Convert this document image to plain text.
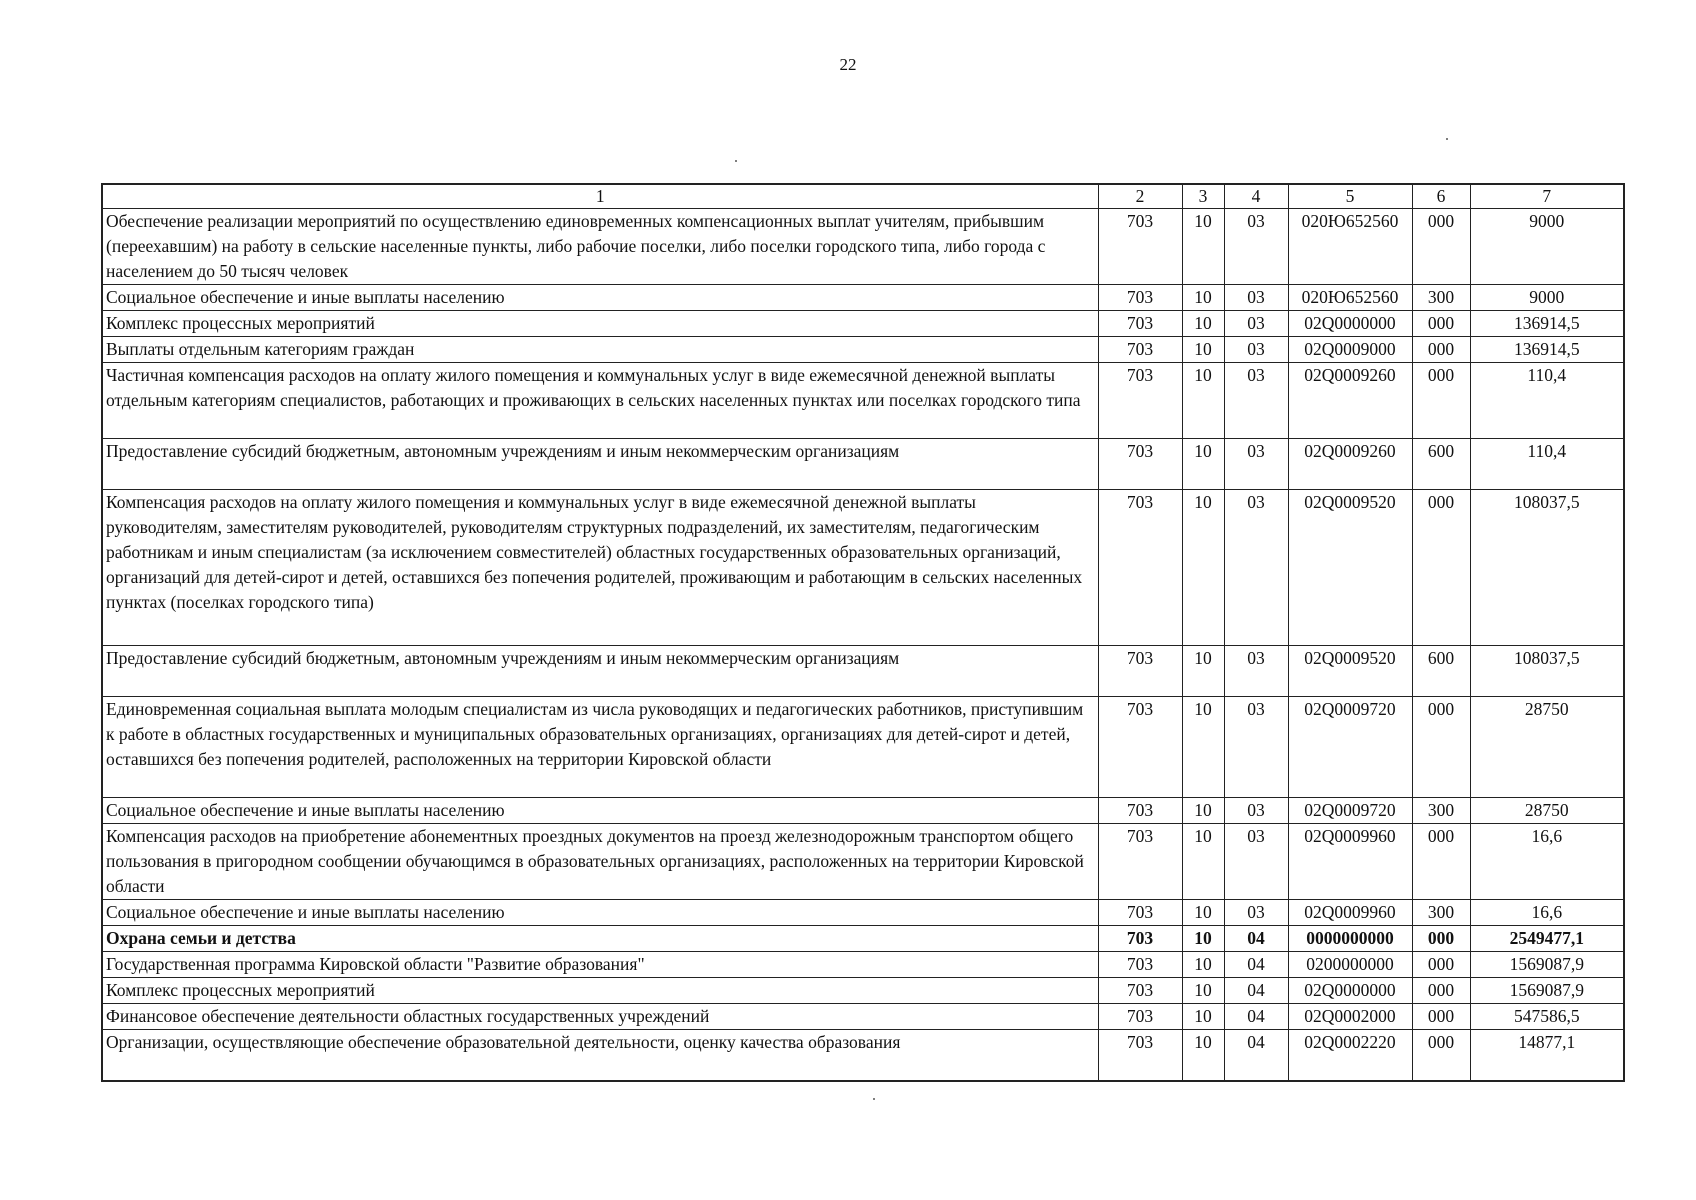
22
1	2	3	4	5	6	7
Обеспечение реализации мероприятий по осуществлению единовременных компенсационных выплат учителям, прибывшим (переехавшим) на работу в сельские населенные пункты, либо рабочие поселки, либо поселки городского типа, либо города с населением до 50 тысяч человек	703	10	03	020Ю652560	000	9000
Социальное обеспечение и иные выплаты населению	703	10	03	020Ю652560	300	9000
Комплекс процессных мероприятий	703	10	03	02Q0000000	000	136914,5
Выплаты отдельным категориям граждан	703	10	03	02Q0009000	000	136914,5
Частичная компенсация расходов на оплату жилого помещения и коммунальных услуг в виде ежемесячной денежной выплаты отдельным категориям специалистов, работающих и проживающих в сельских населенных пунктах или поселках городского типа	703	10	03	02Q0009260	000	110,4
Предоставление субсидий бюджетным, автономным учреждениям и иным некоммерческим организациям	703	10	03	02Q0009260	600	110,4
Компенсация расходов на оплату жилого помещения и коммунальных услуг в виде ежемесячной денежной выплаты руководителям, заместителям руководителей, руководителям структурных подразделений, их заместителям, педагогическим работникам и иным специалистам (за исключением совместителей) областных государственных образовательных организаций, организаций для детей-сирот и детей, оставшихся без попечения родителей, проживающим и работающим в сельских населенных пунктах (поселках городского типа)	703	10	03	02Q0009520	000	108037,5
Предоставление субсидий бюджетным, автономным учреждениям и иным некоммерческим организациям	703	10	03	02Q0009520	600	108037,5
Единовременная социальная выплата молодым специалистам из числа руководящих и педагогических работников, приступившим к работе в областных государственных и муниципальных образовательных организациях, организациях для детей-сирот и детей, оставшихся без попечения родителей, расположенных на территории Кировской области	703	10	03	02Q0009720	000	28750
Социальное обеспечение и иные выплаты населению	703	10	03	02Q0009720	300	28750
Компенсация расходов на приобретение абонементных проездных документов на проезд железнодорожным транспортом общего пользования в пригородном сообщении обучающимся в образовательных организациях, расположенных на территории Кировской области	703	10	03	02Q0009960	000	16,6
Социальное обеспечение и иные выплаты населению	703	10	03	02Q0009960	300	16,6
Охрана семьи и детства	703	10	04	0000000000	000	2549477,1
Государственная программа Кировской области "Развитие образования"	703	10	04	0200000000	000	1569087,9
Комплекс процессных мероприятий	703	10	04	02Q0000000	000	1569087,9
Финансовое обеспечение деятельности областных государственных учреждений	703	10	04	02Q0002000	000	547586,5
Организации, осуществляющие обеспечение образовательной деятельности, оценку качества образования	703	10	04	02Q0002220	000	14877,1
